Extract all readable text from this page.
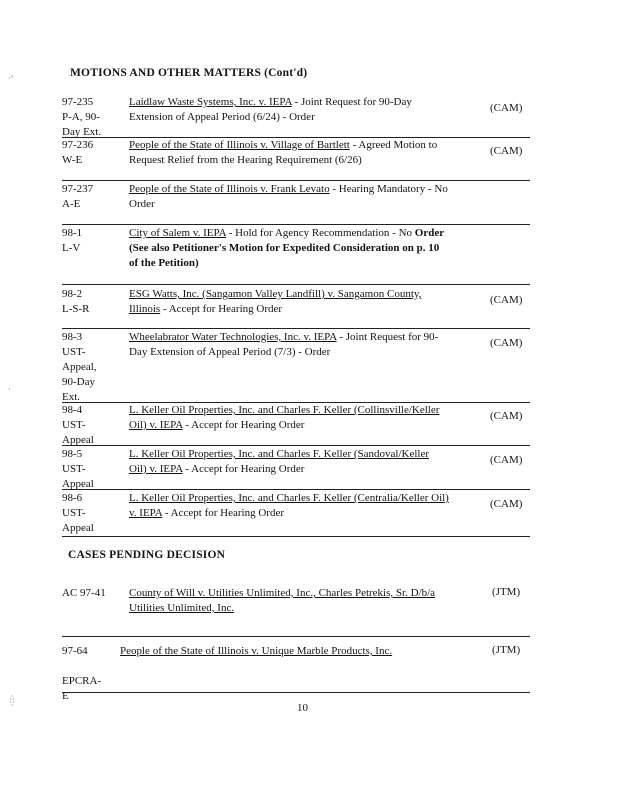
·’
·
∴
∵
MOTIONS AND OTHER MATTERS (Cont'd)
97-235
P-A, 90-
Day Ext.
Laidlaw Waste Systems, Inc. v. IEPA - Joint Request for 90-Day Extension of Appeal Period (6/24) - Order
(CAM)
97-236
W-E
People of the State of Illinois v. Village of Bartlett - Agreed Motion to Request Relief from the Hearing Requirement (6/26)
(CAM)
97-237
A-E
People of the State of Illinois v. Frank Levato - Hearing Mandatory - No Order
98-1
L-V
City of Salem v. IEPA - Hold for Agency Recommendation - No Order (See also Petitioner's Motion for Expedited Consideration on p. 10 of the Petition)
98-2
L-S-R
ESG Watts, Inc. (Sangamon Valley Landfill) v. Sangamon County, Illinois - Accept for Hearing Order
(CAM)
98-3
UST-
Appeal,
90-Day
Ext.
Wheelabrator Water Technologies, Inc. v. IEPA - Joint Request for 90-Day Extension of Appeal Period (7/3) - Order
(CAM)
98-4
UST-
Appeal
L. Keller Oil Properties, Inc. and Charles F. Keller (Collinsville/Keller Oil) v. IEPA - Accept for Hearing Order
(CAM)
98-5
UST-
Appeal
L. Keller Oil Properties, Inc. and Charles F. Keller (Sandoval/Keller Oil) v. IEPA - Accept for Hearing Order
(CAM)
98-6
UST-
Appeal
L. Keller Oil Properties, Inc. and Charles F. Keller (Centralia/Keller Oil) v. IEPA - Accept for Hearing Order
(CAM)
CASES PENDING DECISION
AC 97-41	County of Will v. Utilities Unlimited, Inc., Charles Petrekis, Sr. D/b/a Utilities Unlimited, Inc.
(JTM)
97-64

EPCRA-
E
People of the State of Illinois v. Unique Marble Products, Inc.	(JTM)
10
